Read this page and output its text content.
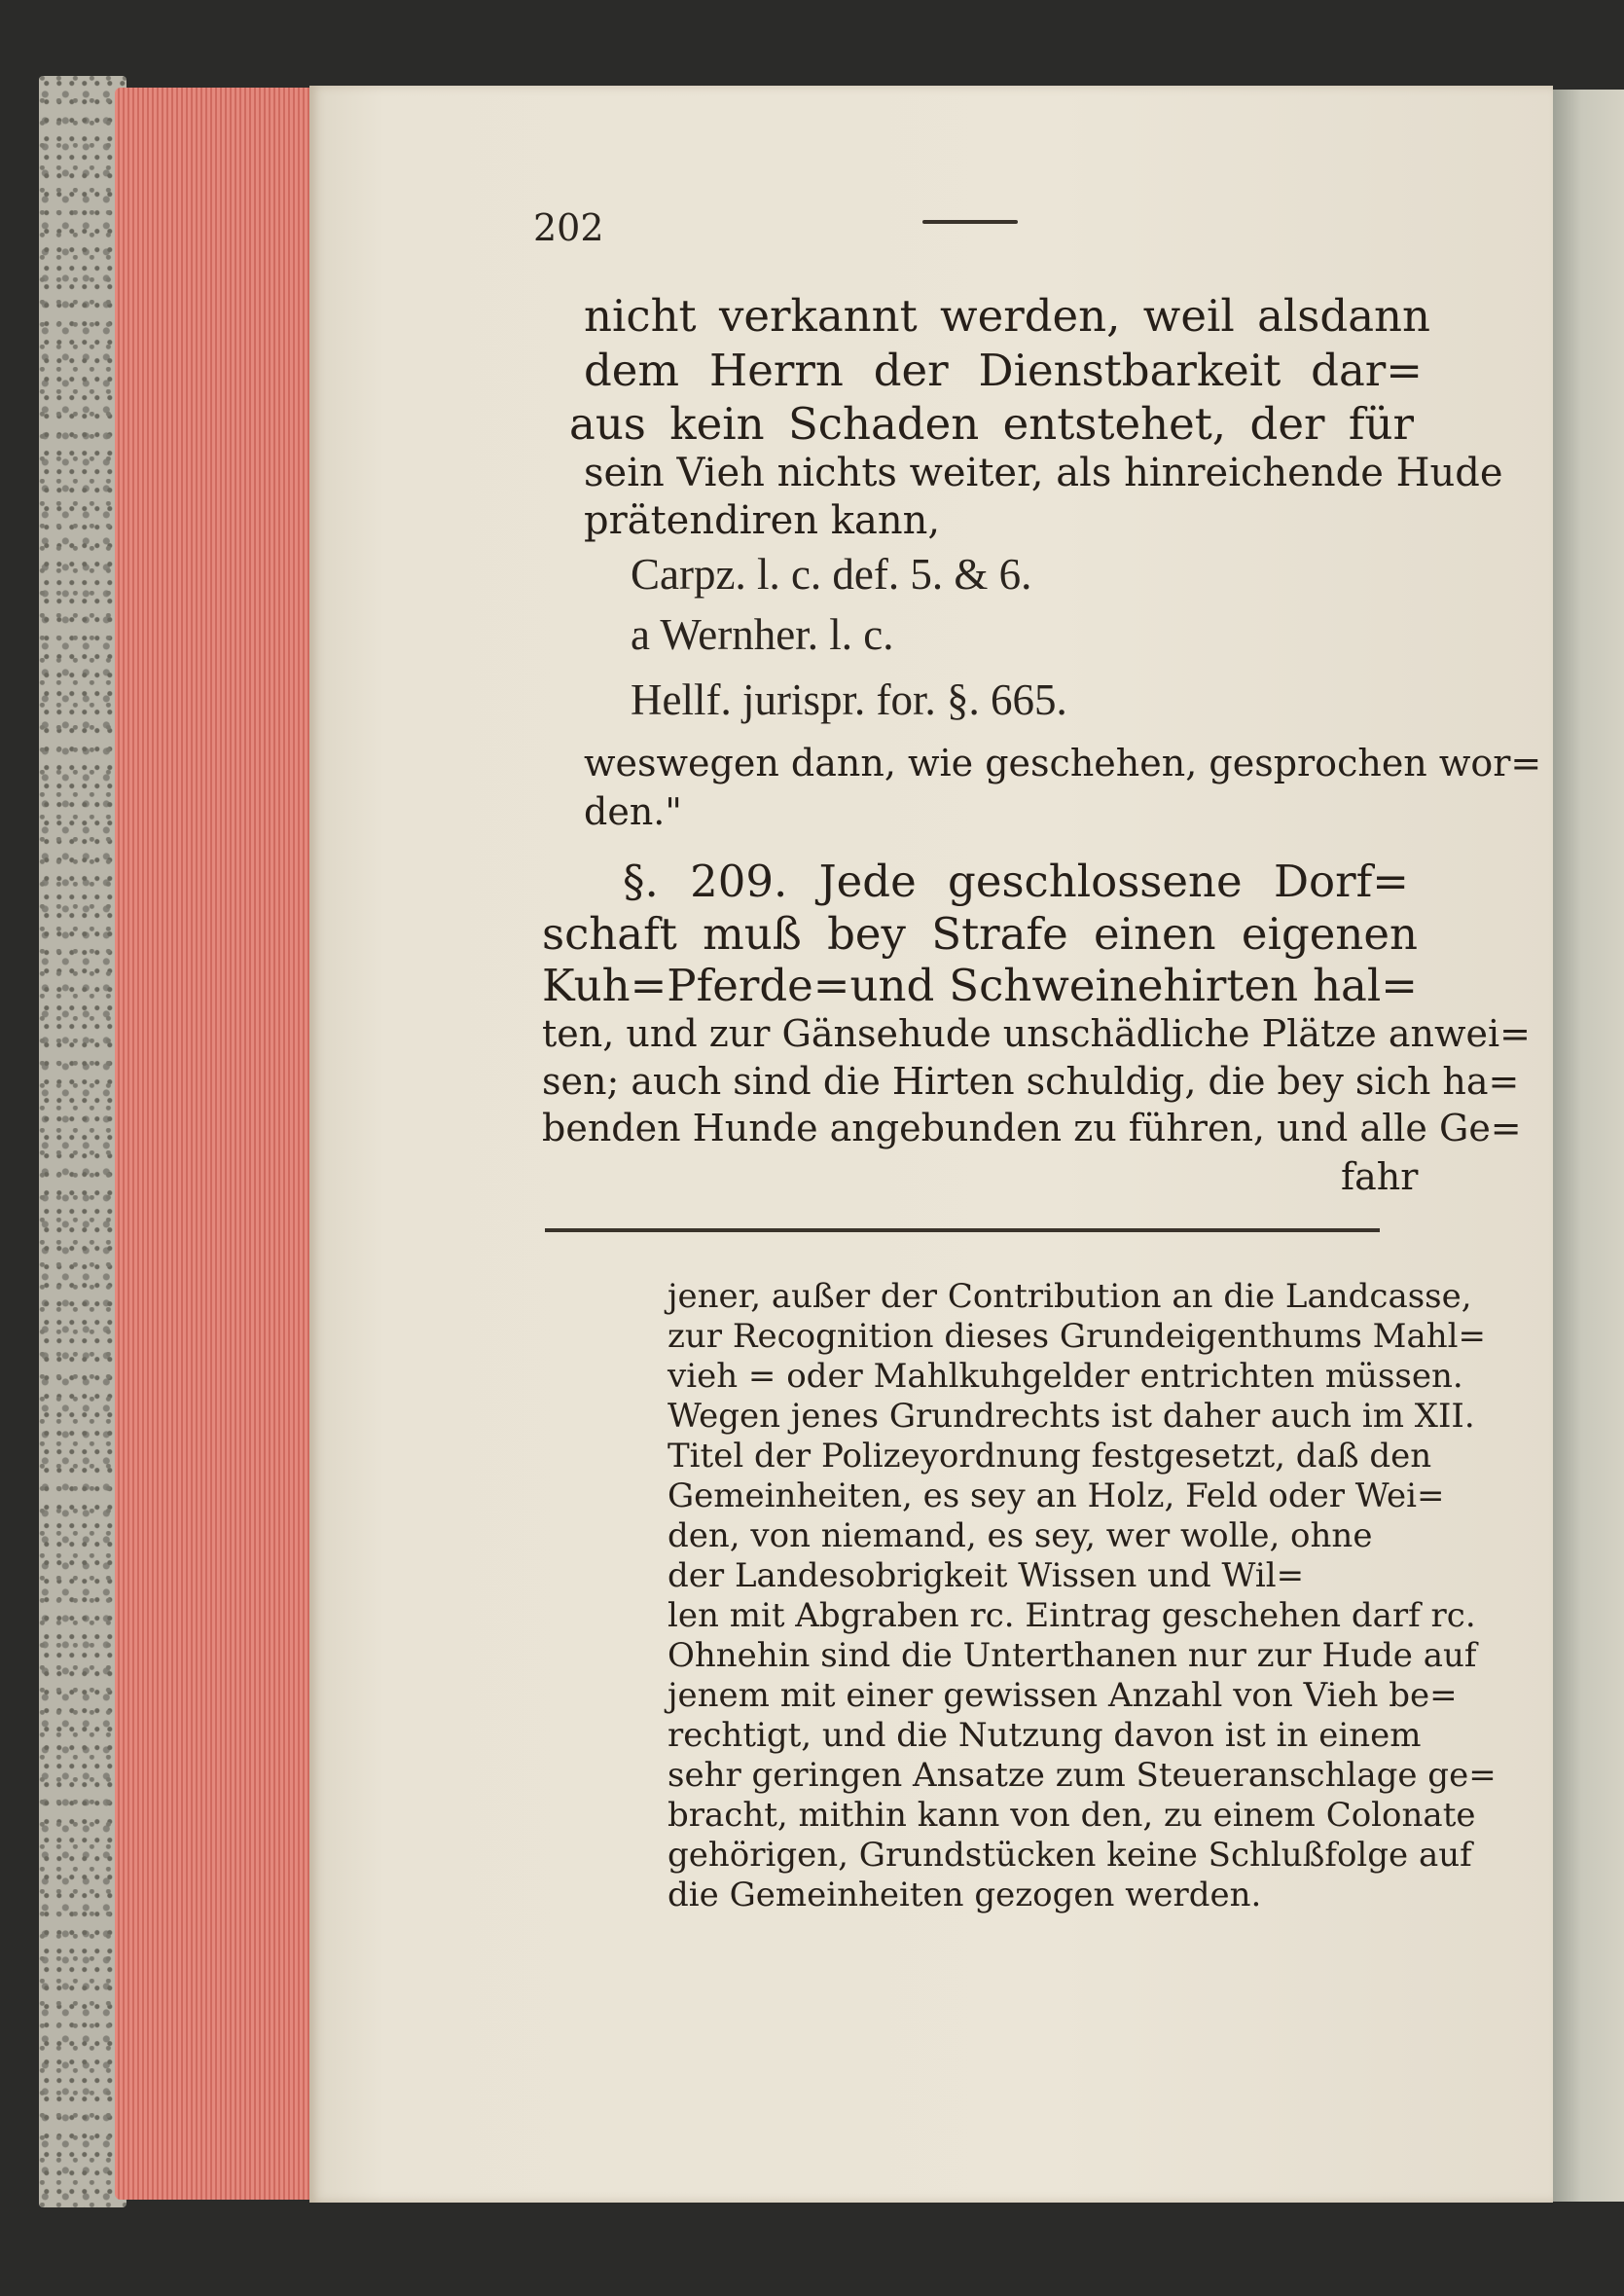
202
nicht verkannt werden, weil alsdann
dem Herrn der Dienstbarkeit dar=
aus kein Schaden entstehet, der für
sein Vieh nichts weiter, als hinreichende Hude
prätendiren kann,
Carpz. l. c. def. 5. & 6.
a Wernher. l. c.
Hellf. jurispr. for. §. 665.
weswegen dann, wie geschehen, gesprochen wor=
den."
§. 209. Jede geschlossene Dorf=
schaft muß bey Strafe einen eigenen
Kuh=Pferde=und Schweinehirten hal=
ten, und zur Gänsehude unschädliche Plätze anwei=
sen; auch sind die Hirten schuldig, die bey sich ha=
benden Hunde angebunden zu führen, und alle Ge=
fahr
jener, außer der Contribution an die Landcasse,
zur Recognition dieses Grundeigenthums Mahl=
vieh = oder Mahlkuhgelder entrichten müssen.
Wegen jenes Grundrechts ist daher auch im XII.
Titel der Polizeyordnung festgesetzt, daß den
Gemeinheiten, es sey an Holz, Feld oder Wei=
den, von niemand, es sey, wer wolle, ohne
der Landesobrigkeit Wissen und Wil=
len mit Abgraben rc. Eintrag geschehen darf rc.
Ohnehin sind die Unterthanen nur zur Hude auf
jenem mit einer gewissen Anzahl von Vieh be=
rechtigt, und die Nutzung davon ist in einem
sehr geringen Ansatze zum Steueranschlage ge=
bracht, mithin kann von den, zu einem Colonate
gehörigen, Grundstücken keine Schlußfolge auf
die Gemeinheiten gezogen werden.
